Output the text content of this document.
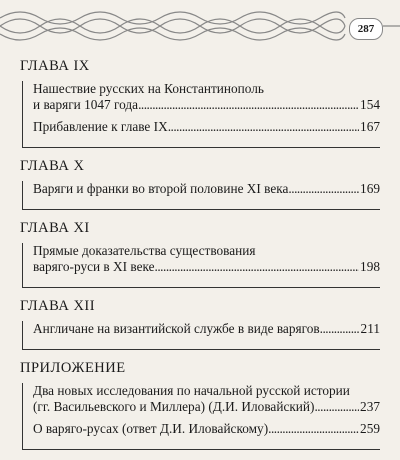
287
ГЛАВА IX
Нашествие русских на Константинополь
и варяги 1047 года .....	154
Прибавление к главе IX .....	167
ГЛАВА X
Варяги и франки во второй половине XI века .....	169
ГЛАВА XI
Прямые доказательства существования
варяго-руси в XI веке .....	198
ГЛАВА XII
Англичане на византийской службе в виде варягов .....	211
ПРИЛОЖЕНИЕ
Два новых исследования по начальной русской истории
(гг. Васильевского и Миллера) (Д.И. Иловайский) .....	237
О варяго-русах (ответ Д.И. Иловайскому) .....	259
